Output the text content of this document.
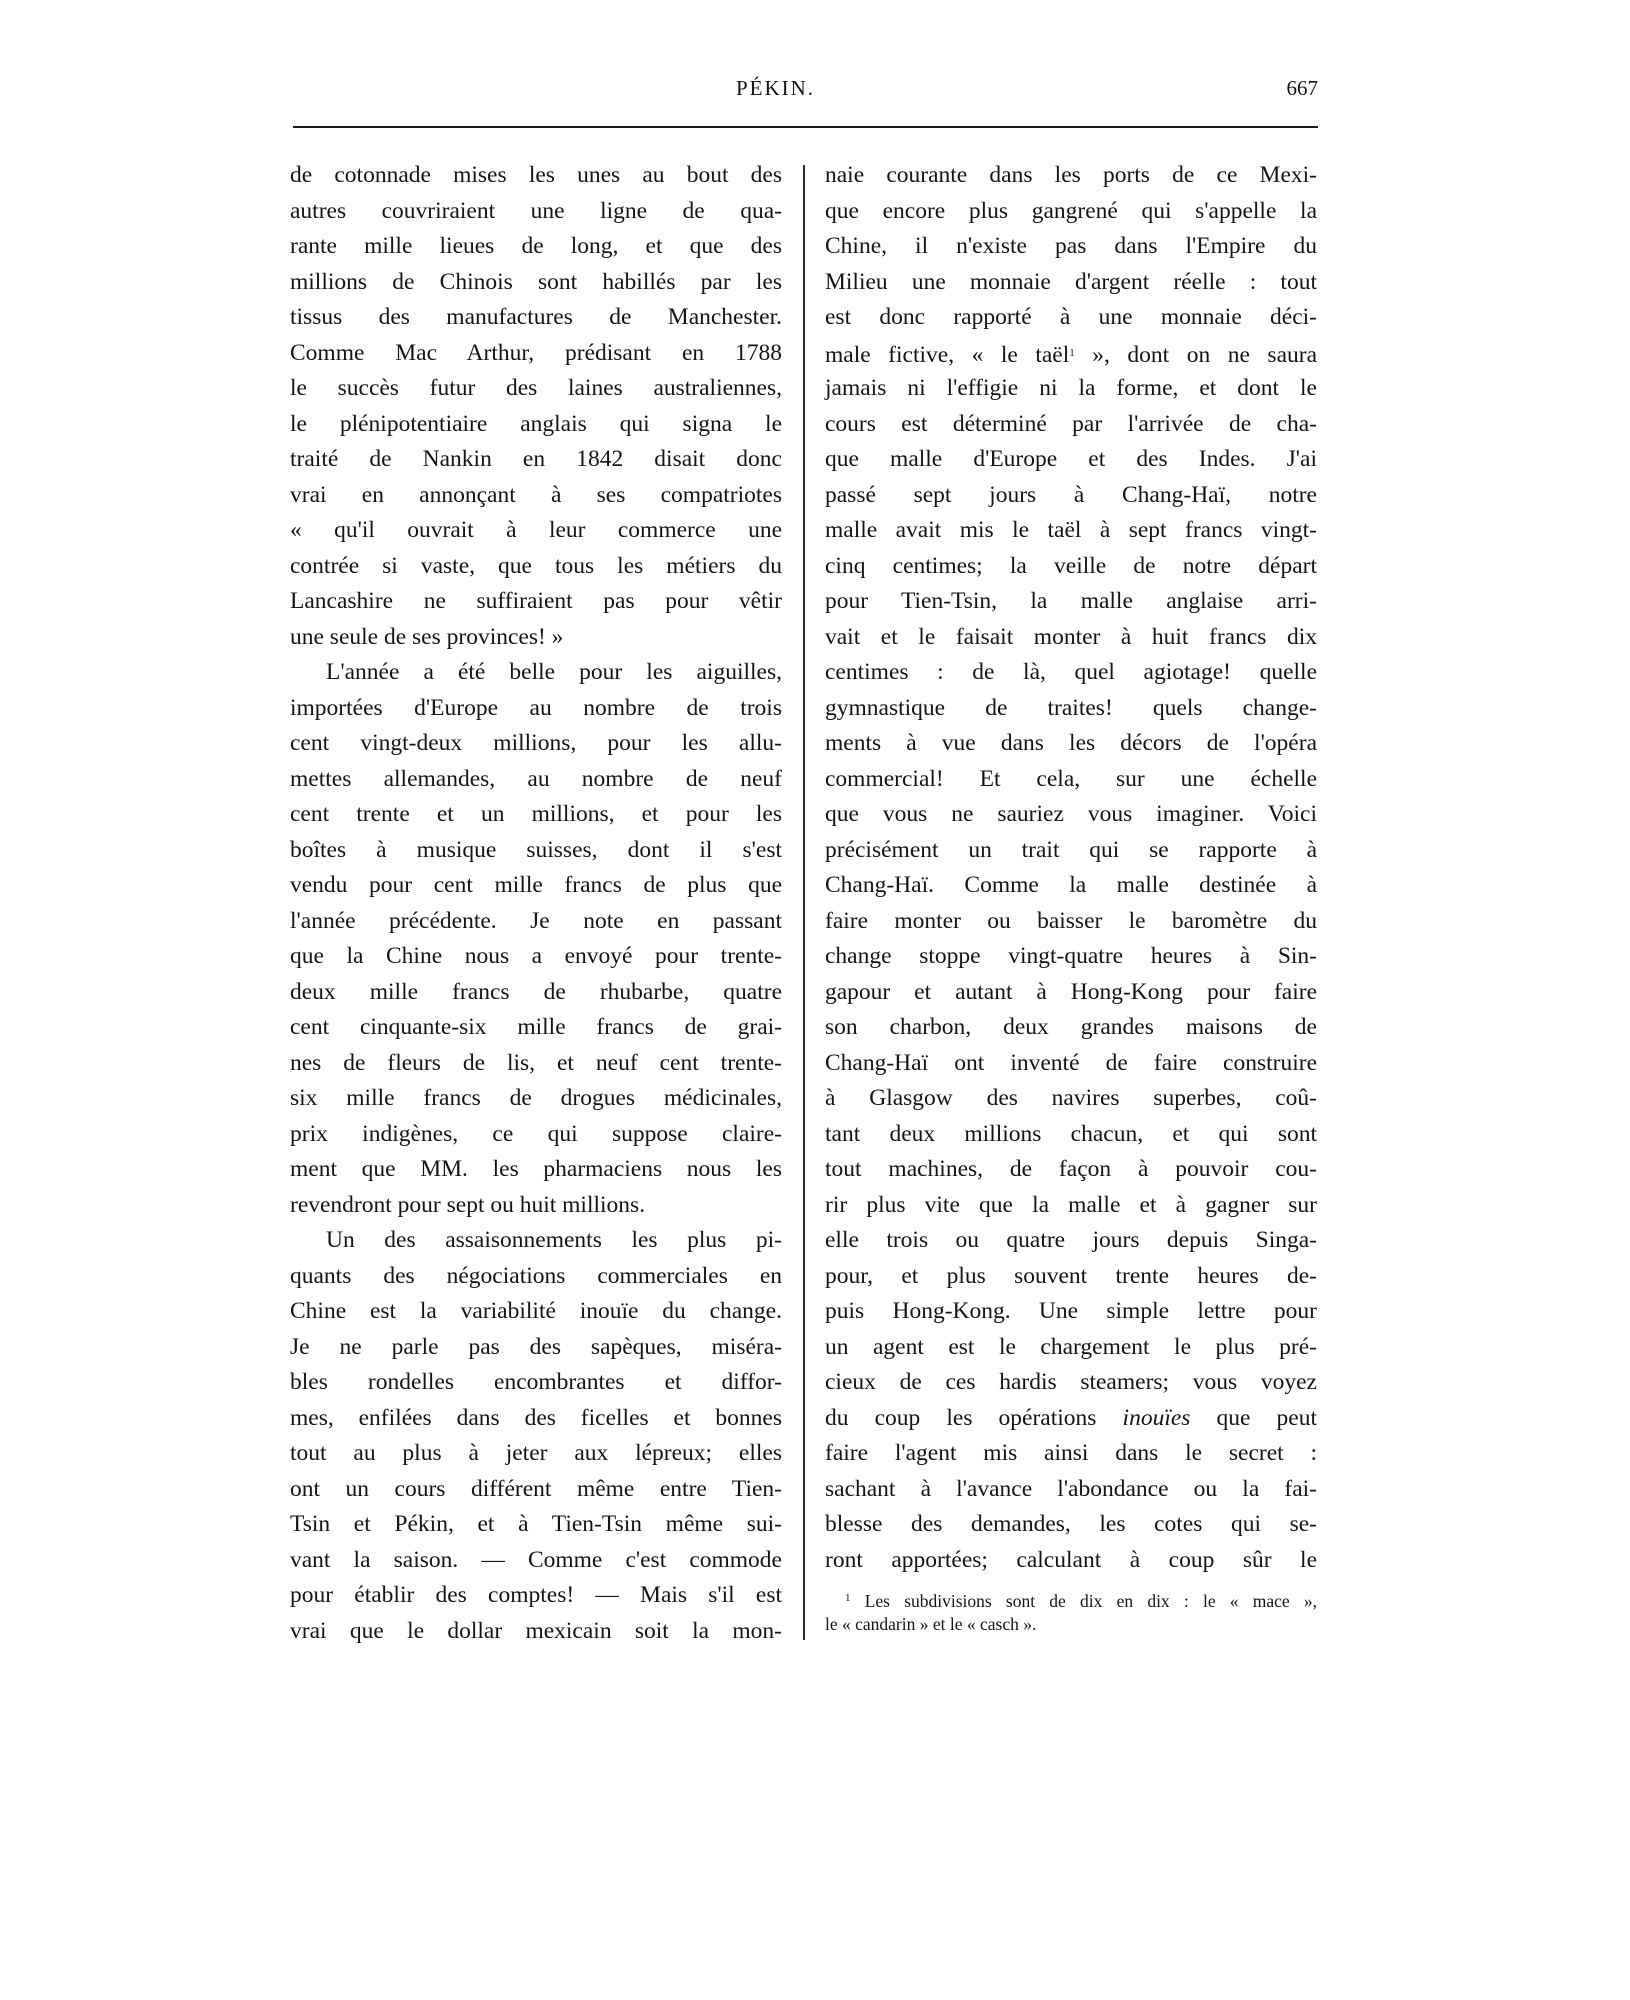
PÉKIN.	667
de cotonnade mises les unes au bout des
autres couvriraient une ligne de qua-
rante mille lieues de long, et que des
millions de Chinois sont habillés par les
tissus des manufactures de Manchester.
Comme Mac Arthur, prédisant en 1788
le succès futur des laines australiennes,
le plénipotentiaire anglais qui signa le
traité de Nankin en 1842 disait donc
vrai en annonçant à ses compatriotes
« qu'il ouvrait à leur commerce une
contrée si vaste, que tous les métiers du
Lancashire ne suffiraient pas pour vêtir
une seule de ses provinces! »
L'année a été belle pour les aiguilles,
importées d'Europe au nombre de trois
cent vingt-deux millions, pour les allu-
mettes allemandes, au nombre de neuf
cent trente et un millions, et pour les
boîtes à musique suisses, dont il s'est
vendu pour cent mille francs de plus que
l'année précédente. Je note en passant
que la Chine nous a envoyé pour trente-
deux mille francs de rhubarbe, quatre
cent cinquante-six mille francs de grai-
nes de fleurs de lis, et neuf cent trente-
six mille francs de drogues médicinales,
prix indigènes, ce qui suppose claire-
ment que MM. les pharmaciens nous les
revendront pour sept ou huit millions.
Un des assaisonnements les plus pi-
quants des négociations commerciales en
Chine est la variabilité inouïe du change.
Je ne parle pas des sapèques, miséra-
bles rondelles encombrantes et diffor-
mes, enfilées dans des ficelles et bonnes
tout au plus à jeter aux lépreux; elles
ont un cours différent même entre Tien-
Tsin et Pékin, et à Tien-Tsin même sui-
vant la saison. — Comme c'est commode
pour établir des comptes! — Mais s'il est
vrai que le dollar mexicain soit la mon-
naie courante dans les ports de ce Mexi-
que encore plus gangrené qui s'appelle la
Chine, il n'existe pas dans l'Empire du
Milieu une monnaie d'argent réelle : tout
est donc rapporté à une monnaie déci-
male fictive, « le taël$^1$ », dont on ne saura
jamais ni l'effigie ni la forme, et dont le
cours est déterminé par l'arrivée de cha-
que malle d'Europe et des Indes. J'ai
passé sept jours à Chang-Haï, notre
malle avait mis le taël à sept francs vingt-
cinq centimes; la veille de notre départ
pour Tien-Tsin, la malle anglaise arri-
vait et le faisait monter à huit francs dix
centimes : de là, quel agiotage! quelle
gymnastique de traites! quels change-
ments à vue dans les décors de l'opéra
commercial! Et cela, sur une échelle
que vous ne sauriez vous imaginer. Voici
précisément un trait qui se rapporte à
Chang-Haï. Comme la malle destinée à
faire monter ou baisser le baromètre du
change stoppe vingt-quatre heures à Sin-
gapour et autant à Hong-Kong pour faire
son charbon, deux grandes maisons de
Chang-Haï ont inventé de faire construire
à Glasgow des navires superbes, coû-
tant deux millions chacun, et qui sont
tout machines, de façon à pouvoir cou-
rir plus vite que la malle et à gagner sur
elle trois ou quatre jours depuis Singa-
pour, et plus souvent trente heures de-
puis Hong-Kong. Une simple lettre pour
un agent est le chargement le plus pré-
cieux de ces hardis steamers; vous voyez
du coup les opérations inouïes que peut
faire l'agent mis ainsi dans le secret :
sachant à l'avance l'abondance ou la fai-
blesse des demandes, les cotes qui se-
ront apportées; calculant à coup sûr le
$^1$ Les subdivisions sont de dix en dix : le « mace »,
le « candarin » et le « casch ».
